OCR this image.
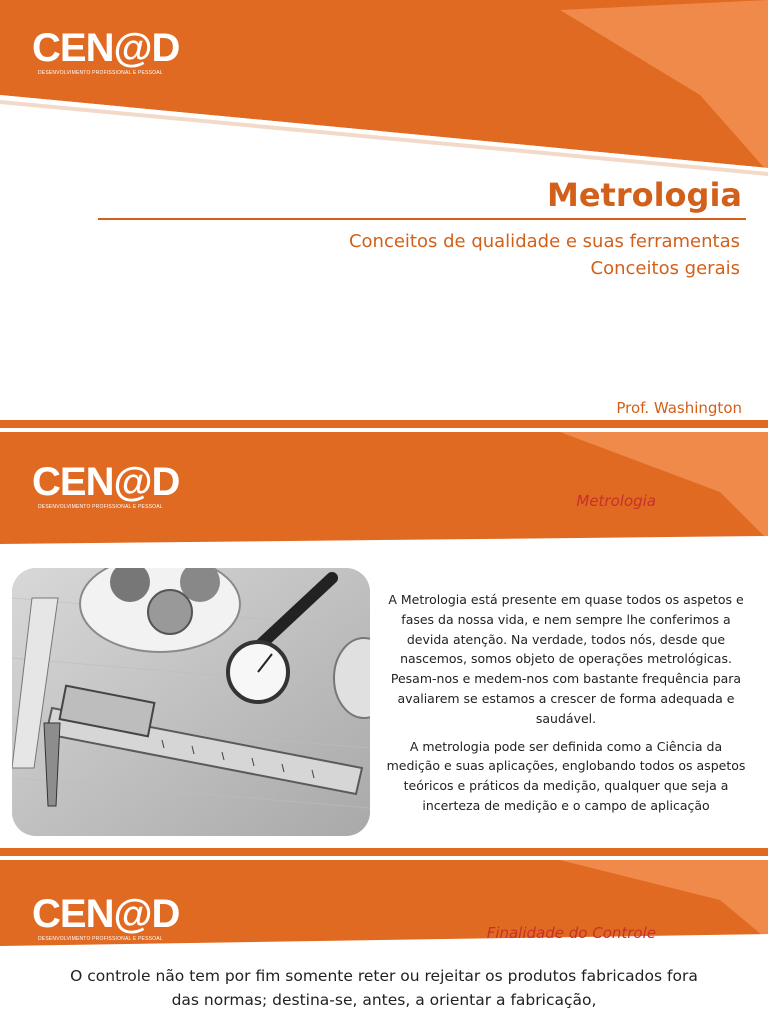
CEN@D
DESENVOLVIMENTO PROFISSIONAL E PESSOAL
Metrologia
Conceitos de qualidade e suas ferramentas
Conceitos gerais
Prof. Washington
CEN@D
DESENVOLVIMENTO PROFISSIONAL E PESSOAL	Metrologia

A Metrologia está presente em quase todos os aspetos e fases da nossa vida, e nem sempre lhe conferimos a devida atenção. Na verdade, todos nós, desde que nascemos, somos objeto de operações metrológicas. Pesam-nos e medem-nos com bastante frequência para avaliarem se estamos a crescer de forma adequada e saudável.

A metrologia pode ser definida como a Ciência da medição e suas aplicações, englobando todos os aspetos teóricos e práticos da medição, qualquer que seja a incerteza de medição e o campo de aplicação

CEN@D
DESENVOLVIMENTO PROFISSIONAL E PESSOAL	Finalidade do Controle
O controle não tem por fim somente reter ou rejeitar os produtos fabricados fora das normas; destina-se, antes, a orientar a fabricação,
